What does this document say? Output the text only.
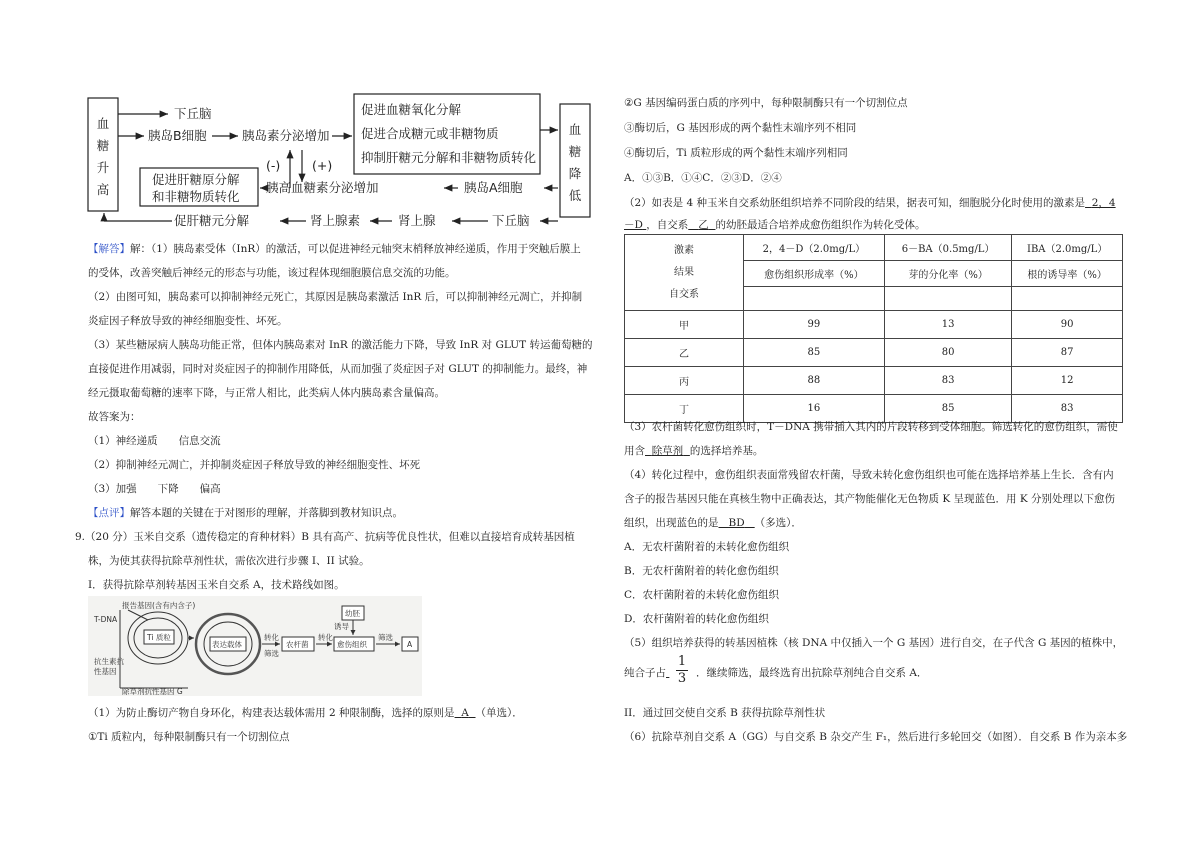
血
糖
升
高
血
糖
降
低
下丘脑
胰岛B细胞	胰岛素分泌增加
促进血糖氧化分解
促进合成糖元或非糖物质
抑制肝糖元分解和非糖物质转化
(-)	(+)
促进肝糖原分解
和非糖物质转化
胰高血糖素分泌增加	胰岛A细胞
促肝糖元分解	肾上腺素	肾上腺	下丘脑
【解答】解：（1）胰岛素受体（InR）的激活，可以促进神经元轴突末梢释放神经递质，作用于突触后膜上
的受体，改善突触后神经元的形态与功能，该过程体现细胞膜信息交流的功能。
（2）由图可知，胰岛素可以抑制神经元死亡，其原因是胰岛素激活 InR 后，可以抑制神经元凋亡，并抑制
炎症因子释放导致的神经细胞变性、坏死。
（3）某些糖尿病人胰岛功能正常，但体内胰岛素对 InR 的激活能力下降，导致 InR 对 GLUT 转运葡萄糖的
直接促进作用减弱，同时对炎症因子的抑制作用降低，从而加强了炎症因子对 GLUT 的抑制能力。最终，神
经元摄取葡萄糖的速率下降，与正常人相比，此类病人体内胰岛素含量偏高。
故答案为：
（1）神经递质　　信息交流
（2）抑制神经元凋亡，并抑制炎症因子释放导致的神经细胞变性、坏死
（3）加强　　下降　　偏高
【点评】解答本题的关键在于对图形的理解，并落脚到教材知识点。
9.（20 分）玉米自交系（遗传稳定的育种材料）B 具有高产、抗病等优良性状，但难以直接培育成转基因植
株，为使其获得抗除草剂性状，需依次进行步骤 I、II 试验。
Ⅰ．获得抗除草剂转基因玉米自交系 A，技术路线如图。
报告基因(含有内含子)
T-DNA
Ti 质粒
抗生素抗
性基因
除草剂抗性基因 G
表达载体
转化
筛选
农杆菌
转化
幼胚
诱导
愈伤组织
筛选
A
（1）为防止酶切产物自身环化，构建表达载体需用 2 种限制酶，选择的原则是 A （单选）．
①Ti 质粒内，每种限制酶只有一个切割位点
②G 基因编码蛋白质的序列中，每种限制酶只有一个切割位点
③酶切后，G 基因形成的两个黏性末端序列不相同
④酶切后，Ti 质粒形成的两个黏性末端序列相同
A．①③B．①④C．②③D．②④
（2）如表是 4 种玉米自交系幼胚组织培养不同阶段的结果，据表可知，细胞脱分化时使用的激素是 2，4
－D ，自交系 乙 的幼胚最适合培养成愈伤组织作为转化受体。
激素
结果
自交系	2，4－D（2.0mg/L）	6－BA（0.5mg/L）	IBA（2.0mg/L）
	愈伤组织形成率（%）	芽的分化率（%）	根的诱导率（%）

甲	99	13	90
乙	85	80	87
丙	88	83	12
丁	16	85	83
（3）农杆菌转化愈伤组织时，T－DNA 携带插入其内的片段转移到受体细胞。筛选转化的愈伤组织，需使
用含 除草剂 的选择培养基。
（4）转化过程中，愈伤组织表面常残留农杆菌，导致未转化愈伤组织也可能在选择培养基上生长．含有内
含子的报告基因只能在真核生物中正确表达，其产物能催化无色物质 K 呈现蓝色．用 K 分别处理以下愈伤
组织，出现蓝色的是 BD （多选）．
A．无农杆菌附着的未转化愈伤组织
B．无农杆菌附着的转化愈伤组织
C．农杆菌附着的未转化愈伤组织
D．农杆菌附着的转化愈伤组织
（5）组织培养获得的转基因植株（核 DNA 中仅插入一个 G 基因）进行自交，在子代含 G 基因的植株中，
纯合子占	．继续筛选，最终选育出抗除草剂纯合自交系 A．
$\frac{1}{3}$
II．通过回交使自交系 B 获得抗除草剂性状
（6）抗除草剂自交系 A（GG）与自交系 B 杂交产生 F₁，然后进行多轮回交（如图）．自交系 B 作为亲本多
